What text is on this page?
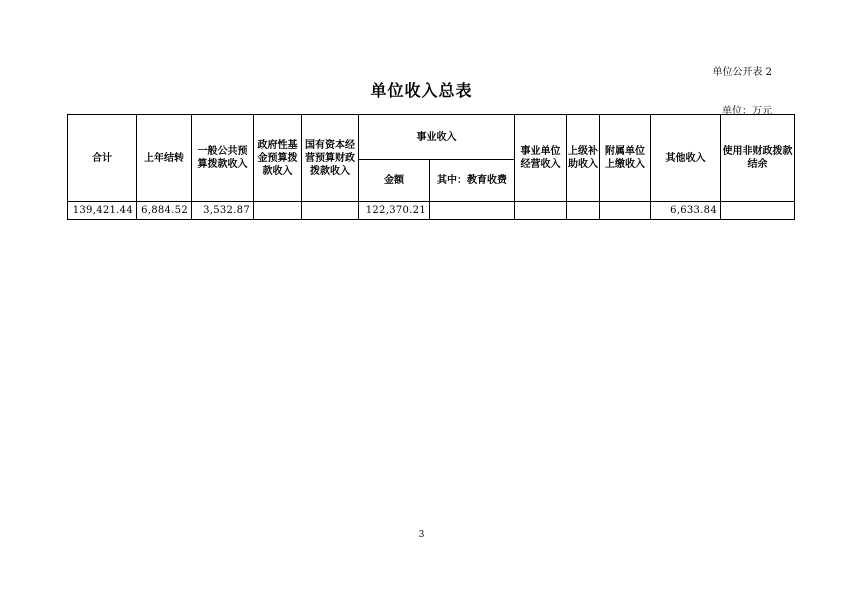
单位公开表 2
单位收入总表
单位：万元
合计	上年结转	一般公共预算拨款收入	政府性基金预算拨款收入	国有资本经营预算财政拨款收入	事业收入		事业单位经营收入	上级补助收入	附属单位上缴收入	其他收入	使用非财政拨款结余
					金额	其中：教育收费					
139,421.44	6,884.52	3,532.87			122,370.21					6,633.84	
3
